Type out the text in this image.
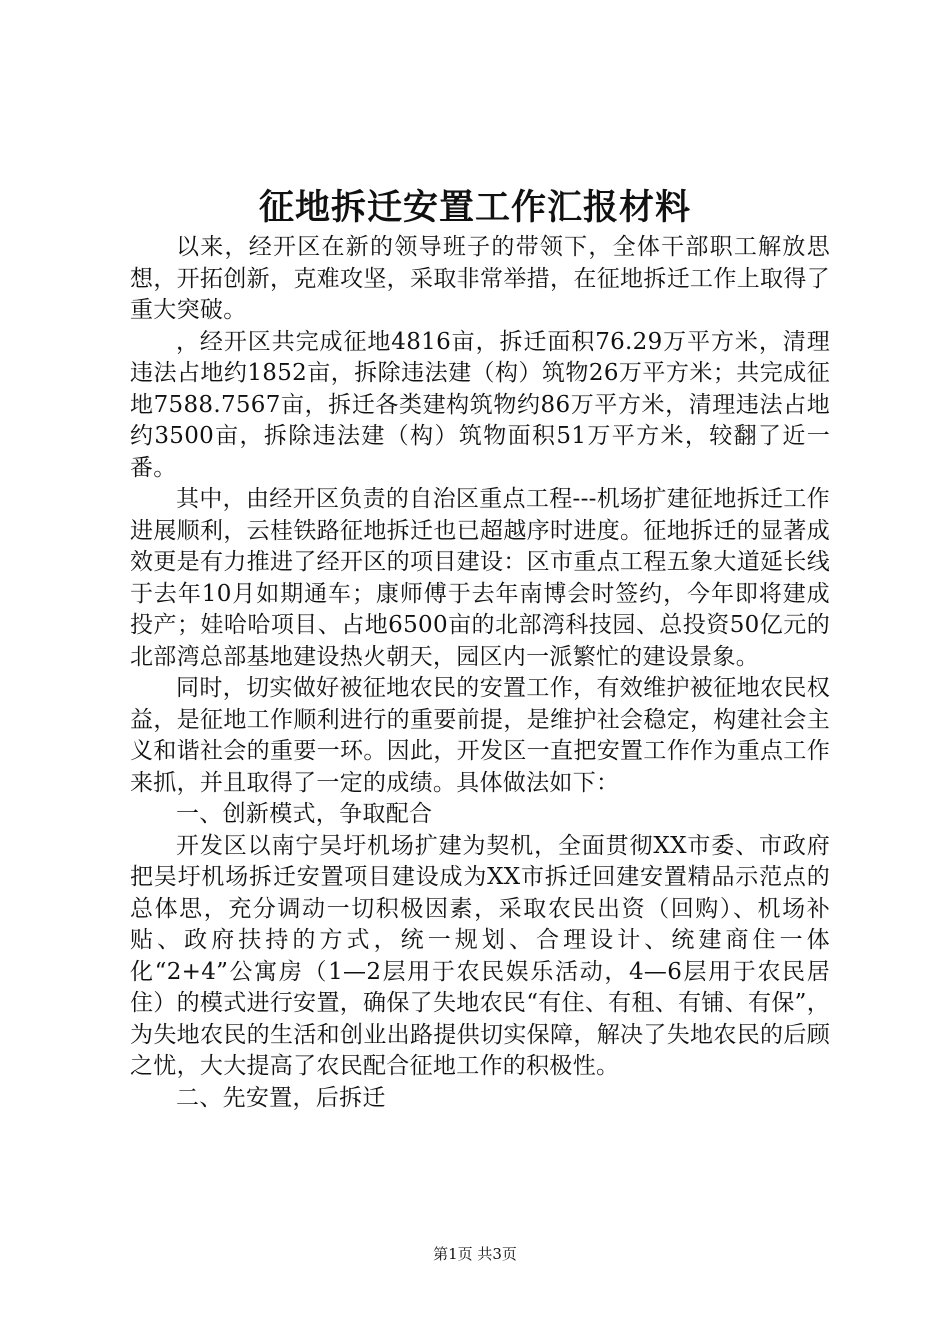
征地拆迁安置工作汇报材料

以来，经开区在新的领导班子的带领下，全体干部职工解放思想，开拓创新，克难攻坚，采取非常举措，在征地拆迁工作上取得了重大突破。

，经开区共完成征地4816亩，拆迁面积76.29万平方米，清理违法占地约1852亩，拆除违法建（构）筑物26万平方米；共完成征地7588.7567亩，拆迁各类建构筑物约86万平方米，清理违法占地约3500亩，拆除违法建（构）筑物面积51万平方米，较翻了近一番。

其中，由经开区负责的自治区重点工程---机场扩建征地拆迁工作进展顺利，云桂铁路征地拆迁也已超越序时进度。征地拆迁的显著成效更是有力推进了经开区的项目建设：区市重点工程五象大道延长线于去年10月如期通车；康师傅于去年南博会时签约，今年即将建成投产；娃哈哈项目、占地6500亩的北部湾科技园、总投资50亿元的北部湾总部基地建设热火朝天，园区内一派繁忙的建设景象。

同时，切实做好被征地农民的安置工作，有效维护被征地农民权益，是征地工作顺利进行的重要前提，是维护社会稳定，构建社会主义和谐社会的重要一环。因此，开发区一直把安置工作作为重点工作来抓，并且取得了一定的成绩。具体做法如下：

一、创新模式，争取配合

开发区以南宁吴圩机场扩建为契机，全面贯彻XX市委、市政府把吴圩机场拆迁安置项目建设成为XX市拆迁回建安置精品示范点的总体思，充分调动一切积极因素，采取农民出资（回购）、机场补贴、政府扶持的方式，统一规划、合理设计、统建商住一体化“2+4”公寓房（1—2层用于农民娱乐活动，4—6层用于农民居住）的模式进行安置，确保了失地农民“有住、有租、有铺、有保”，为失地农民的生活和创业出路提供切实保障，解决了失地农民的后顾之忧，大大提高了农民配合征地工作的积极性。

二、先安置，后拆迁

第1页 共3页
